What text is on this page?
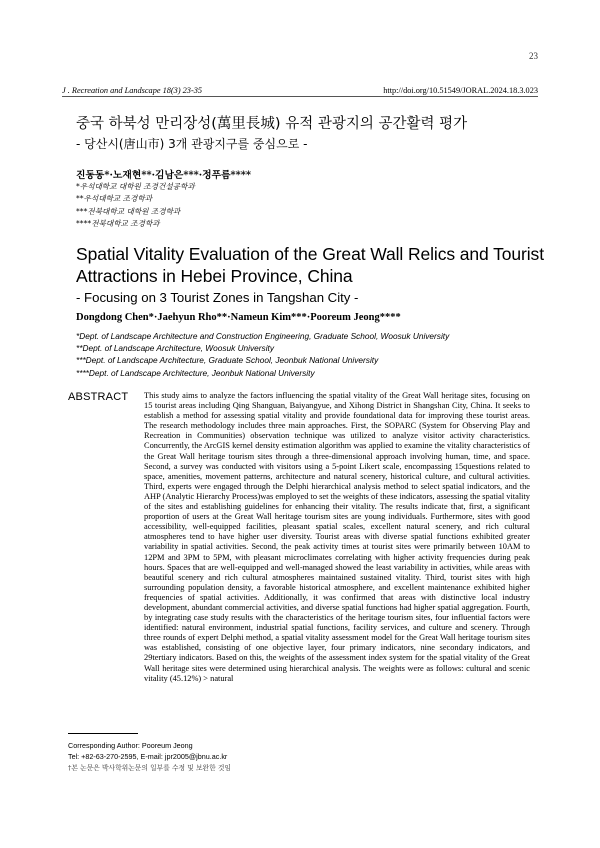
23
J . Recreation and Landscape 18(3) 23-35	http://doi.org/10.51549/JORAL.2024.18.3.023
중국 하북성 만리장성(萬里長城) 유적 관광지의 공간활력 평가
- 당산시(唐山市) 3개 관광지구를 중심으로 -
진동동*·노재현**·김남은***·정푸름****
*우석대학교 대학원 조경건설공학과
**우석대학교 조경학과
***전북대학교 대학원 조경학과
****전북대학교 조경학과
Spatial Vitality Evaluation of the Great Wall Relics and Tourist
Attractions in Hebei Province, China
- Focusing on 3 Tourist Zones in Tangshan City -
Dongdong Chen*·Jaehyun Rho**·Nameun Kim***·Pooreum Jeong****
*Dept. of Landscape Architecture and Construction Engineering, Graduate School, Woosuk University
**Dept. of Landscape Architecture, Woosuk University
***Dept. of Landscape Architecture, Graduate School, Jeonbuk National University
****Dept. of Landscape Architecture, Jeonbuk National University
ABSTRACT This study aims to analyze the factors influencing the spatial vitality of the Great Wall heritage sites, focusing on 15 tourist areas including Qing Shanguan, Baiyangyue, and Xihong District in Shangshan City, China. It seeks to establish a method for assessing spatial vitality and provide foundational data for improving these tourist areas. The research methodology includes three main approaches. First, the SOPARC (System for Observing Play and Recreation in Communities) observation technique was utilized to analyze visitor activity characteristics. Concurrently, the ArcGIS kernel density estimation algorithm was applied to examine the vitality characteristics of the Great Wall heritage tourism sites through a three-dimensional approach involving human, time, and space. Second, a survey was conducted with visitors using a 5-point Likert scale, encompassing 15questions related to space, amenities, movement patterns, architecture and natural scenery, historical culture, and cultural activities. Third, experts were engaged through the Delphi hierarchical analysis method to select spatial indicators, and the AHP (Analytic Hierarchy Process)was employed to set the weights of these indicators, assessing the spatial vitality of the sites and establishing guidelines for enhancing their vitality. The results indicate that, first, a significant proportion of users at the Great Wall heritage tourism sites are young individuals. Furthermore, sites with good accessibility, well-equipped facilities, pleasant spatial scales, excellent natural scenery, and rich cultural atmospheres tend to have higher user diversity. Tourist areas with diverse spatial functions exhibited greater variability in spatial activities. Second, the peak activity times at tourist sites were primarily between 10AM to 12PM and 3PM to 5PM, with pleasant microclimates correlating with higher activity frequencies during peak hours. Spaces that are well-equipped and well-managed showed the least variability in activities, while areas with beautiful scenery and rich cultural atmospheres maintained sustained vitality. Third, tourist sites with high surrounding population density, a favorable historical atmosphere, and excellent maintenance exhibited higher frequencies of spatial activities. Additionally, it was confirmed that areas with distinctive local industry development, abundant commercial activities, and diverse spatial functions had higher spatial aggregation. Fourth, by integrating case study results with the characteristics of the heritage tourism sites, four influential factors were identified: natural environment, industrial spatial functions, facility services, and culture and scenery. Through three rounds of expert Delphi method, a spatial vitality assessment model for the Great Wall heritage tourism sites was established, consisting of one objective layer, four primary indicators, nine secondary indicators, and 29tertiary indicators. Based on this, the weights of the assessment index system for the spatial vitality of the Great Wall heritage sites were determined using hierarchical analysis. The weights were as follows: cultural and scenic vitality (45.12%) > natural

Corresponding Author: Pooreum Jeong
Tel: +82-63-270-2595, E-mail: jpr2005@jbnu.ac.kr
†본 논문은 박사학위논문의 일부를 수정 및 보완한 것임
